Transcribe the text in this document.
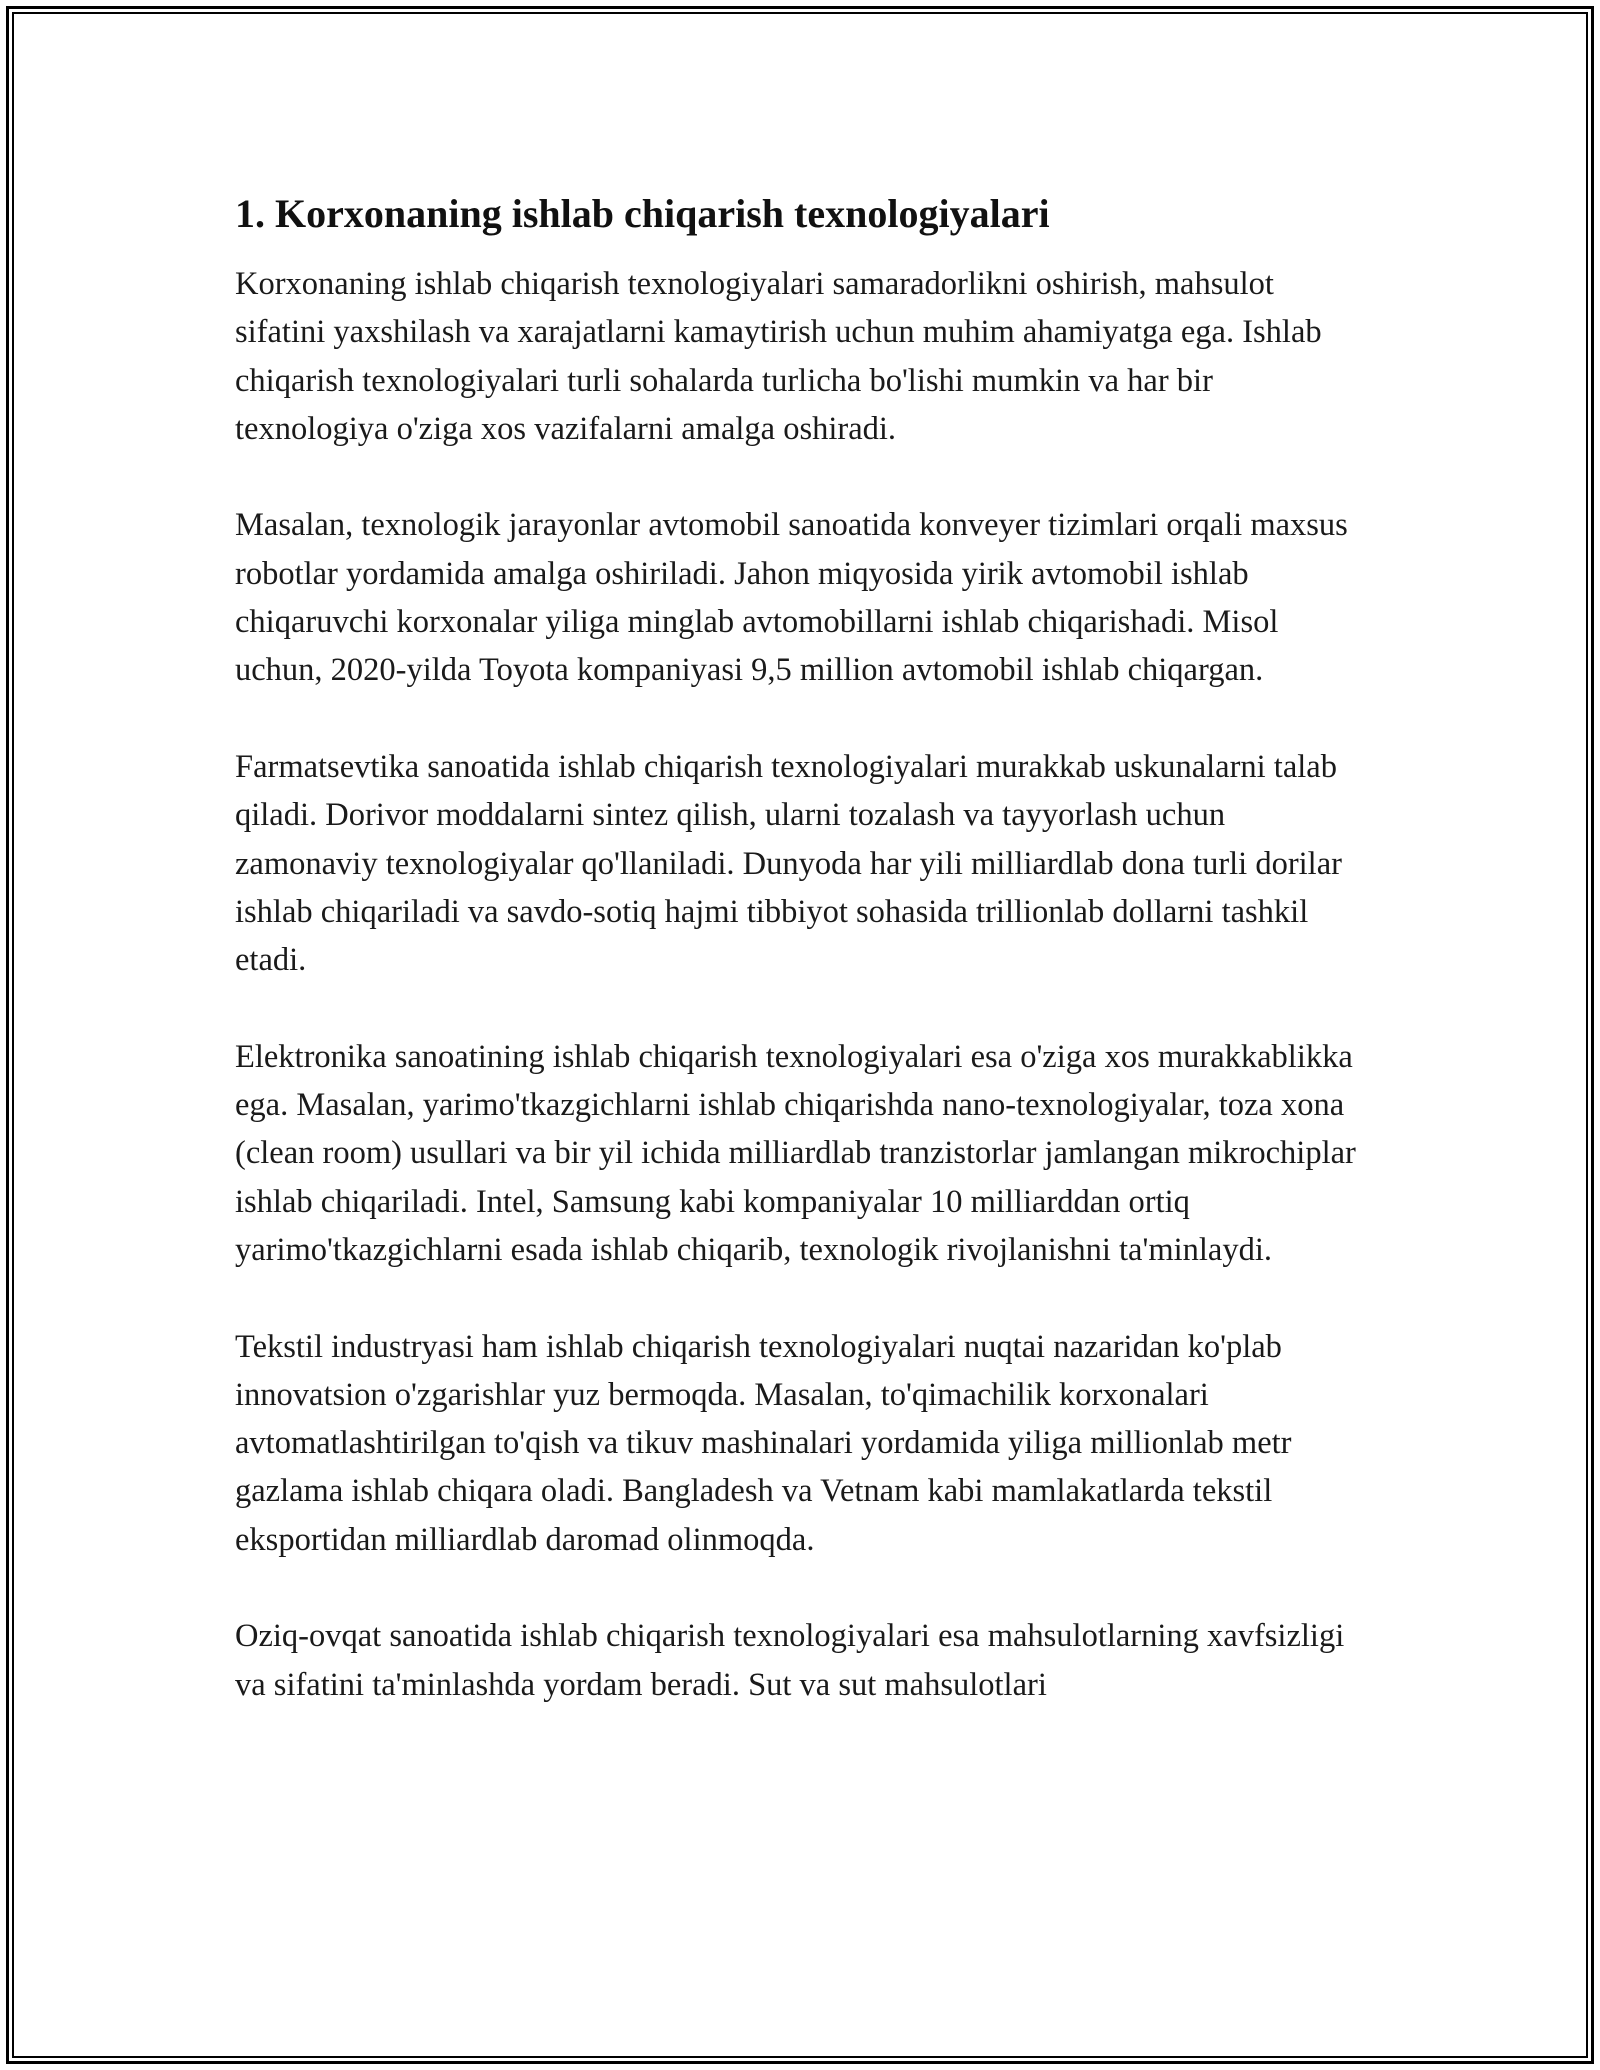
1. Korxonaning ishlab chiqarish texnologiyalari

Korxonaning ishlab chiqarish texnologiyalari samaradorlikni oshirish, mahsulot sifatini yaxshilash va xarajatlarni kamaytirish uchun muhim ahamiyatga ega. Ishlab chiqarish texnologiyalari turli sohalarda turlicha bo'lishi mumkin va har bir texnologiya o'ziga xos vazifalarni amalga oshiradi.

Masalan, texnologik jarayonlar avtomobil sanoatida konveyer tizimlari orqali maxsus robotlar yordamida amalga oshiriladi. Jahon miqyosida yirik avtomobil ishlab chiqaruvchi korxonalar yiliga minglab avtomobillarni ishlab chiqarishadi. Misol uchun, 2020-yilda Toyota kompaniyasi 9,5 million avtomobil ishlab chiqargan.

Farmatsevtika sanoatida ishlab chiqarish texnologiyalari murakkab uskunalarni talab qiladi. Dorivor moddalarni sintez qilish, ularni tozalash va tayyorlash uchun zamonaviy texnologiyalar qo'llaniladi. Dunyoda har yili milliardlab dona turli dorilar ishlab chiqariladi va savdo-sotiq hajmi tibbiyot sohasida trillionlab dollarni tashkil etadi.

Elektronika sanoatining ishlab chiqarish texnologiyalari esa o'ziga xos murakkablikka ega. Masalan, yarimo'tkazgichlarni ishlab chiqarishda nano-texnologiyalar, toza xona (clean room) usullari va bir yil ichida milliardlab tranzistorlar jamlangan mikrochiplar ishlab chiqariladi. Intel, Samsung kabi kompaniyalar 10 milliarddan ortiq yarimo'tkazgichlarni esada ishlab chiqarib, texnologik rivojlanishni ta'minlaydi.

Tekstil industryasi ham ishlab chiqarish texnologiyalari nuqtai nazaridan ko'plab innovatsion o'zgarishlar yuz bermoqda. Masalan, to'qimachilik korxonalari avtomatlashtirilgan to'qish va tikuv mashinalari yordamida yiliga millionlab metr gazlama ishlab chiqara oladi. Bangladesh va Vetnam kabi mamlakatlarda tekstil eksportidan milliardlab daromad olinmoqda.

Oziq-ovqat sanoatida ishlab chiqarish texnologiyalari esa mahsulotlarning xavfsizligi va sifatini ta'minlashda yordam beradi. Sut va sut mahsulotlari
